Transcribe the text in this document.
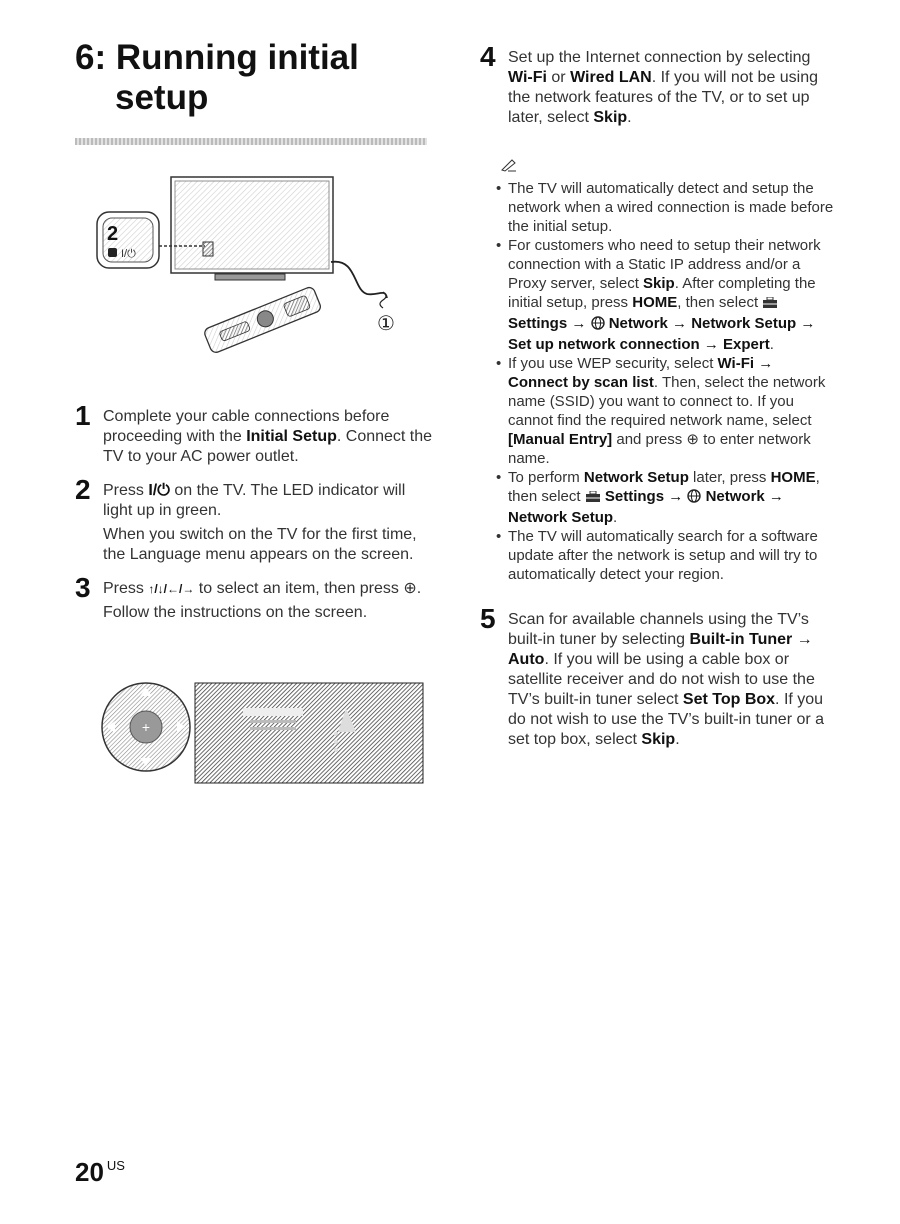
6: Running initial
setup
2
I/⏻
①
1 Complete your cable connections before proceeding with the Initial Setup. Connect the TV to your AC power outlet.

2 Press I/⏻ on the TV. The LED indicator will light up in green.

When you switch on the TV for the first time, the Language menu appears on the screen.

3 Press ↑/↓/←/→ to select an item, then press ⊕.

Follow the instructions on the screen.

+
4 Set up the Internet connection by selecting Wi-Fi or Wired LAN. If you will not be using the network features of the TV, or to set up later, select Skip.

• The TV will automatically detect and setup the network when a wired connection is made before the initial setup.

• For customers who need to setup their network connection with a Static IP address and/or a Proxy server, select Skip. After completing the initial setup, press HOME, then select  Settings →  Network → Network Setup → Set up network connection → Expert.

• If you use WEP security, select Wi-Fi → Connect by scan list. Then, select the network name (SSID) you want to connect to. If you cannot find the required network name, select [Manual Entry] and press ⊕ to enter network name.

• To perform Network Setup later, press HOME, then select  Settings →  Network → Network Setup.

• The TV will automatically search for a software update after the network is setup and will try to automatically detect your region.

5 Scan for available channels using the TV’s built-in tuner by selecting Built-in Tuner → Auto. If you will be using a cable box or satellite receiver and do not wish to use the TV’s built-in tuner select Set Top Box. If you do not wish to use the TV’s built-in tuner or a set top box, select Skip.

20 $^{US}$
